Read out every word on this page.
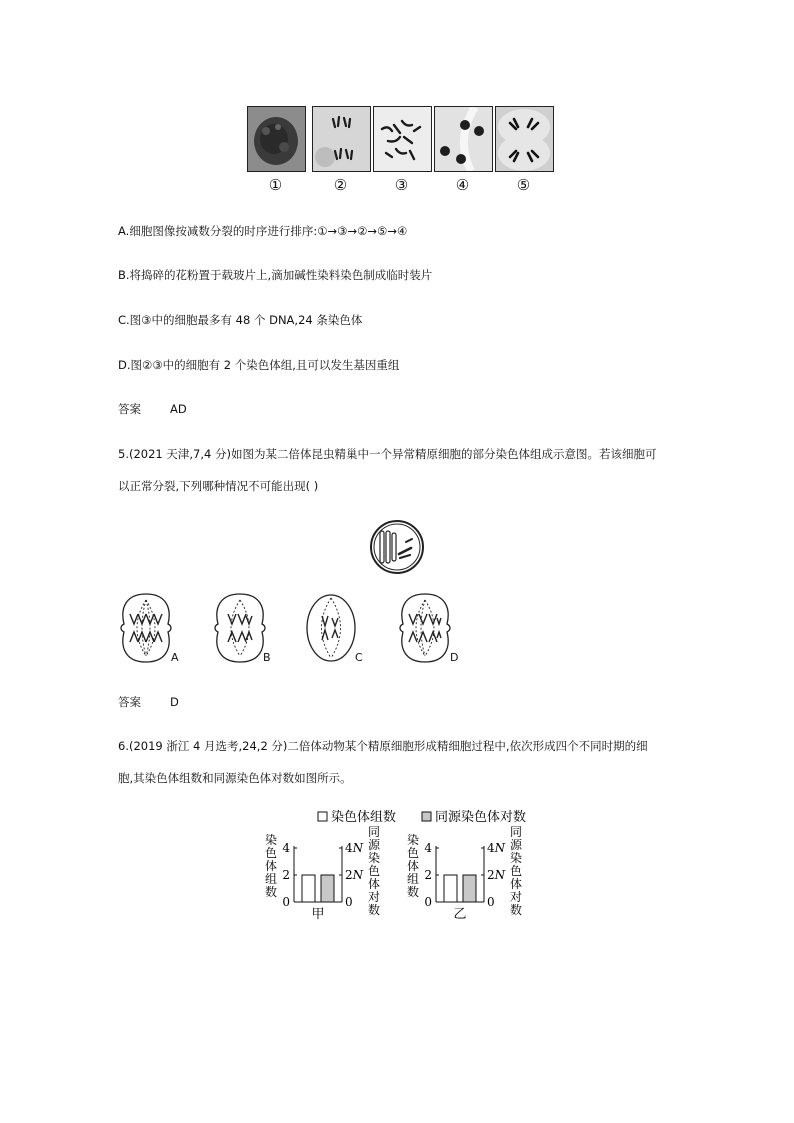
①	②	③	④	⑤
A.细胞图像按减数分裂的时序进行排序:①→③→②→⑤→④
B.将捣碎的花粉置于载玻片上,滴加碱性染料染色制成临时装片
C.图③中的细胞最多有 48 个 DNA,24 条染色体
D.图②③中的细胞有 2 个染色体组,且可以发生基因重组
答案	AD
5.(2021 天津,7,4 分)如图为某二倍体昆虫精巢中一个异常精原细胞的部分染色体组成示意图。若该细胞可
以正常分裂,下列哪种情况不可能出现( )
A	B	C	D
答案	D
6.(2019 浙江 4 月选考,24,2 分)二倍体动物某个精原细胞形成精细胞过程中,依次形成四个不同时期的细
胞,其染色体组数和同源染色体对数如图所示。
染色体组数	同源染色体对数
染色体组数
同源染色体对数
0
2
4
0
2N
4N
甲
染色体组数
同源染色体对数
0
2
4
0
2N
4N
乙
